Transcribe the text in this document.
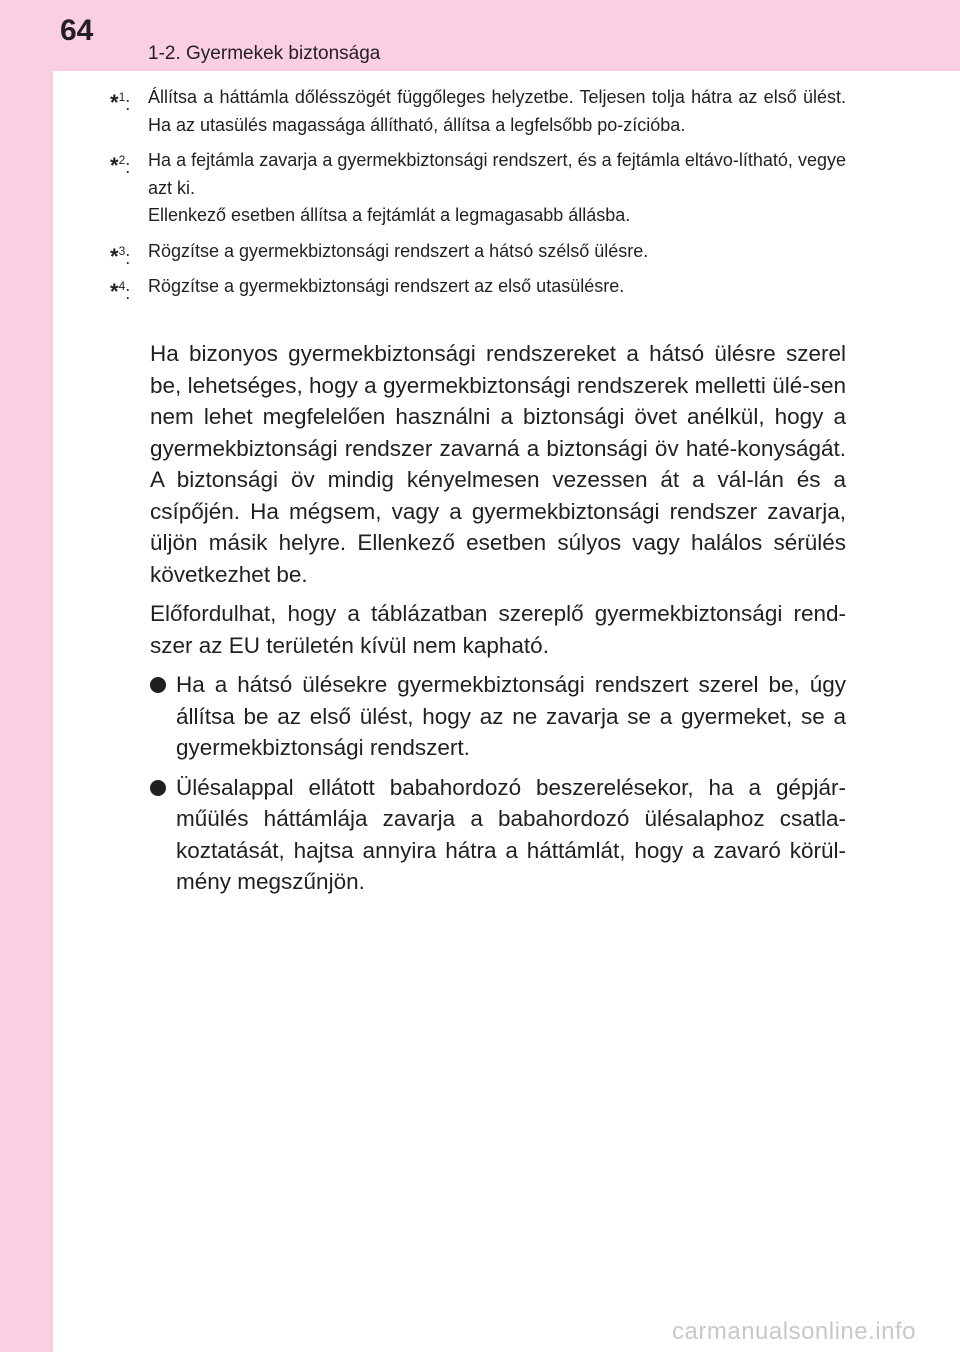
64
1-2. Gyermekek biztonsága
*$^1$: Állítsa a háttámla dőlésszögét függőleges helyzetbe. Teljesen tolja hátra az első ülést. Ha az utasülés magassága állítható, állítsa a legfelsőbb po-zícióba.
*$^2$: Ha a fejtámla zavarja a gyermekbiztonsági rendszert, és a fejtámla eltávo-lítható, vegye azt ki.
Ellenkező esetben állítsa a fejtámlát a legmagasabb állásba.
*$^3$: Rögzítse a gyermekbiztonsági rendszert a hátsó szélső ülésre.
*$^4$: Rögzítse a gyermekbiztonsági rendszert az első utasülésre.

Ha bizonyos gyermekbiztonsági rendszereket a hátsó ülésre szerel be, lehetséges, hogy a gyermekbiztonsági rendszerek melletti ülé-sen nem lehet megfelelően használni a biztonsági övet anélkül, hogy a gyermekbiztonsági rendszer zavarná a biztonsági öv haté-konyságát. A biztonsági öv mindig kényelmesen vezessen át a vál-lán és a csípőjén. Ha mégsem, vagy a gyermekbiztonsági rendszer zavarja, üljön másik helyre. Ellenkező esetben súlyos vagy halálos sérülés következhet be.

Előfordulhat, hogy a táblázatban szereplő gyermekbiztonsági rend-szer az EU területén kívül nem kapható.

Ha a hátsó ülésekre gyermekbiztonsági rendszert szerel be, úgy állítsa be az első ülést, hogy az ne zavarja se a gyermeket, se a gyermekbiztonsági rendszert.
Ülésalappal ellátott babahordozó beszerelésekor, ha a gépjár-műülés háttámlája zavarja a babahordozó ülésalaphoz csatla-koztatását, hajtsa annyira hátra a háttámlát, hogy a zavaró körül-mény megszűnjön.
carmanualsonline.info
